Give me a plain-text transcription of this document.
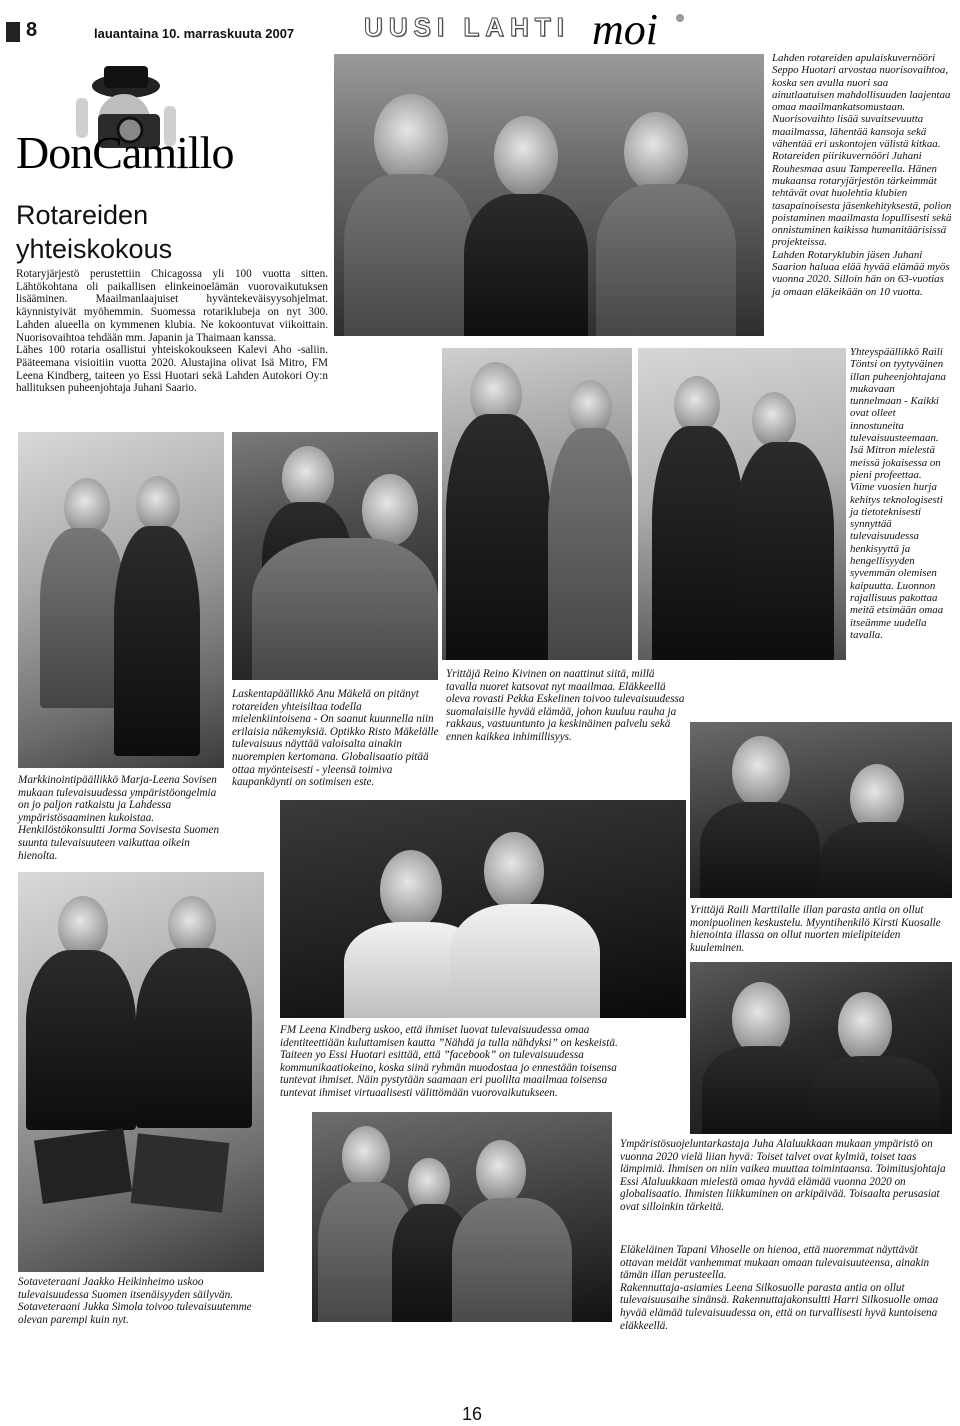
8	lauantaina 10. marraskuuta 2007	UUSI LAHTI moi
DonCamillo
Rotareiden
yhteiskokous

Rotaryjärjestö perustettiin Chicagossa yli 100 vuotta sitten. Lähtökohtana oli paikallisen elinkeinoelämän vuorovaikutuksen lisääminen. Maailmanlaajuiset hyväntekeväisyysohjelmat. käynnistyivät myöhemmin. Suomessa rotariklubeja on nyt 300. Lahden alueella on kymmenen klubia. Ne kokoontuvat viikoittain. Nuorisovaihtoa tehdään mm. Japanin ja Thaimaan kanssa.
Lähes 100 rotaria osallistui yhteiskokoukseen Kalevi Aho -saliin. Pääteemana visioitiin vuotta 2020. Alustajina olivat Isä Mitro, FM Leena Kindberg, taiteen yo Essi Huotari sekä Lahden Autokori Oy:n hallituksen puheenjohtaja Juhani Saario.

Lahden rotareiden apulaiskuvernööri Seppo Huotari arvostaa nuorisovaihtoa, koska sen avulla nuori saa ainutlaatuisen mahdollisuuden laajentaa omaa maailmankatsomustaan. Nuorisovaihto lisää suvaitsevuutta maailmassa, lähentää kansoja sekä vähentää eri uskontojen välistä kitkaa. Rotareiden piirikuvernööri Juhani Rouhesmaa asuu Tampereella. Hänen mukaansa rotaryjärjestön tärkeimmät tehtävät ovat huolehtia klubien tasapainoisesta jäsenkehityksestä, polion poistaminen maailmasta lopullisesti sekä onnistuminen kaikissa humanitäärisissä projekteissa.
Lahden Rotaryklubin jäsen Juhani Saarion haluaa elää hyvää elämää myös vuonna 2020. Silloin hän on 63-vuotias ja omaan eläkeikään on 10 vuotta.

Yhteyspäällikkö Raili Töntsi on tyytyväinen illan puheenjohtajana mukavaan tunnelmaan - Kaikki ovat olleet innostuneita tulevaisuusteemaan. Isä Mitron mielestä meissä jokaisessa on pieni profeettaa. Viime vuosien hurja kehitys teknologisesti ja tietoteknisesti synnyttää tulevaisuudessa henkisyyttä ja hengellisyyden syvemmän olemisen kaipuutta. Luonnon rajallisuus pakottaa meitä etsimään omaa itseämme uudella tavalla.

Laskentapäällikkö Anu Mäkelä on pitänyt rotareiden yhteisiltaa todella mielenkiintoisena - On saanut kuunnella niin erilaisia näkemyksiä. Optikko Risto Mäkelälle tulevaisuus näyttää valoisalta ainakin nuorempien kertomana. Globalisaatio pitää ottaa myönteisesti - yleensä toimiva kaupankäynti on sotimisen este.

Yrittäjä Reino Kivinen on naattinut siitä, millä tavalla nuoret katsovat nyt maailmaa. Eläkkeellä oleva rovasti Pekka Eskelinen toivoo tulevaisuudessa suomalaisille hyvää elämää, johon kuuluu rauha ja rakkaus, vastuuntunto ja keskinäinen palvelu sekä ennen kaikkea inhimillisyys.

Markkinointipäällikkö Marja-Leena Sovisen mukaan tulevaisuudessa ympäristöongelmia on jo paljon ratkaistu ja Lahdessa ympäristösaaminen kukoistaa. Henkilöstökonsultti Jorma Sovisesta Suomen suunta tulevaisuuteen vaikuttaa oikein hienolta.

Yrittäjä Raili Marttilalle illan parasta antia on ollut monipuolinen keskustelu. Myyntihenkilö Kirsti Kuosalle hienointa illassa on ollut nuorten mielipiteiden kuuleminen.

FM Leena Kindberg uskoo, että ihmiset luovat tulevaisuudessa omaa identiteettiään kuluttamisen kautta ”Nähdä ja tulla nähdyksi” on keskeistä. Taiteen yo Essi Huotari esittää, että ”facebook” on tulevaisuudessa kommunikaatiokeino, koska siinä ryhmän muodostaa jo ennestään toisensa tuntevat ihmiset. Näin pystytään saamaan eri puolilta maailmaa toisensa tuntevat ihmiset virtuaalisesti välittömään vuorovaikutukseen.

Ympäristösuojeluntarkastaja Juha Alaluukkaan mukaan ympäristö on vuonna 2020 vielä liian hyvä: Toiset talvet ovat kylmiä, toiset taas lämpimiä. Ihmisen on niin vaikea muuttaa toimintaansa. Toimitusjohtaja Essi Alaluukkaan mielestä omaa hyvää elämää vuonna 2020 on globalisaatio. Ihmisten liikkuminen on arkipäivää. Toisaalta perusasiat ovat silloinkin tärkeitä.

Sotaveteraani Jaakko Heikinheimo uskoo tulevaisuudessa Suomen itsenäisyyden säilyvän. Sotaveteraani Jukka Simola toivoo tulevaisuutemme olevan parempi kuin nyt.

Eläkeläinen Tapani Vihoselle on hienoa, että nuoremmat näyttävät ottavan meidät vanhemmat mukaan omaan tulevaisuuteensa, ainakin tämän illan perusteella.
Rakennuttaja-asiamies Leena Silkosuolle parasta antia on ollut tulevaisuusaihe sinänsä. Rakennuttajakonsultti Harri Silkosuolle omaa hyvää elämää tulevaisuudessa on, että on turvallisesti hyvä kuntoisena eläkkeellä.

16
